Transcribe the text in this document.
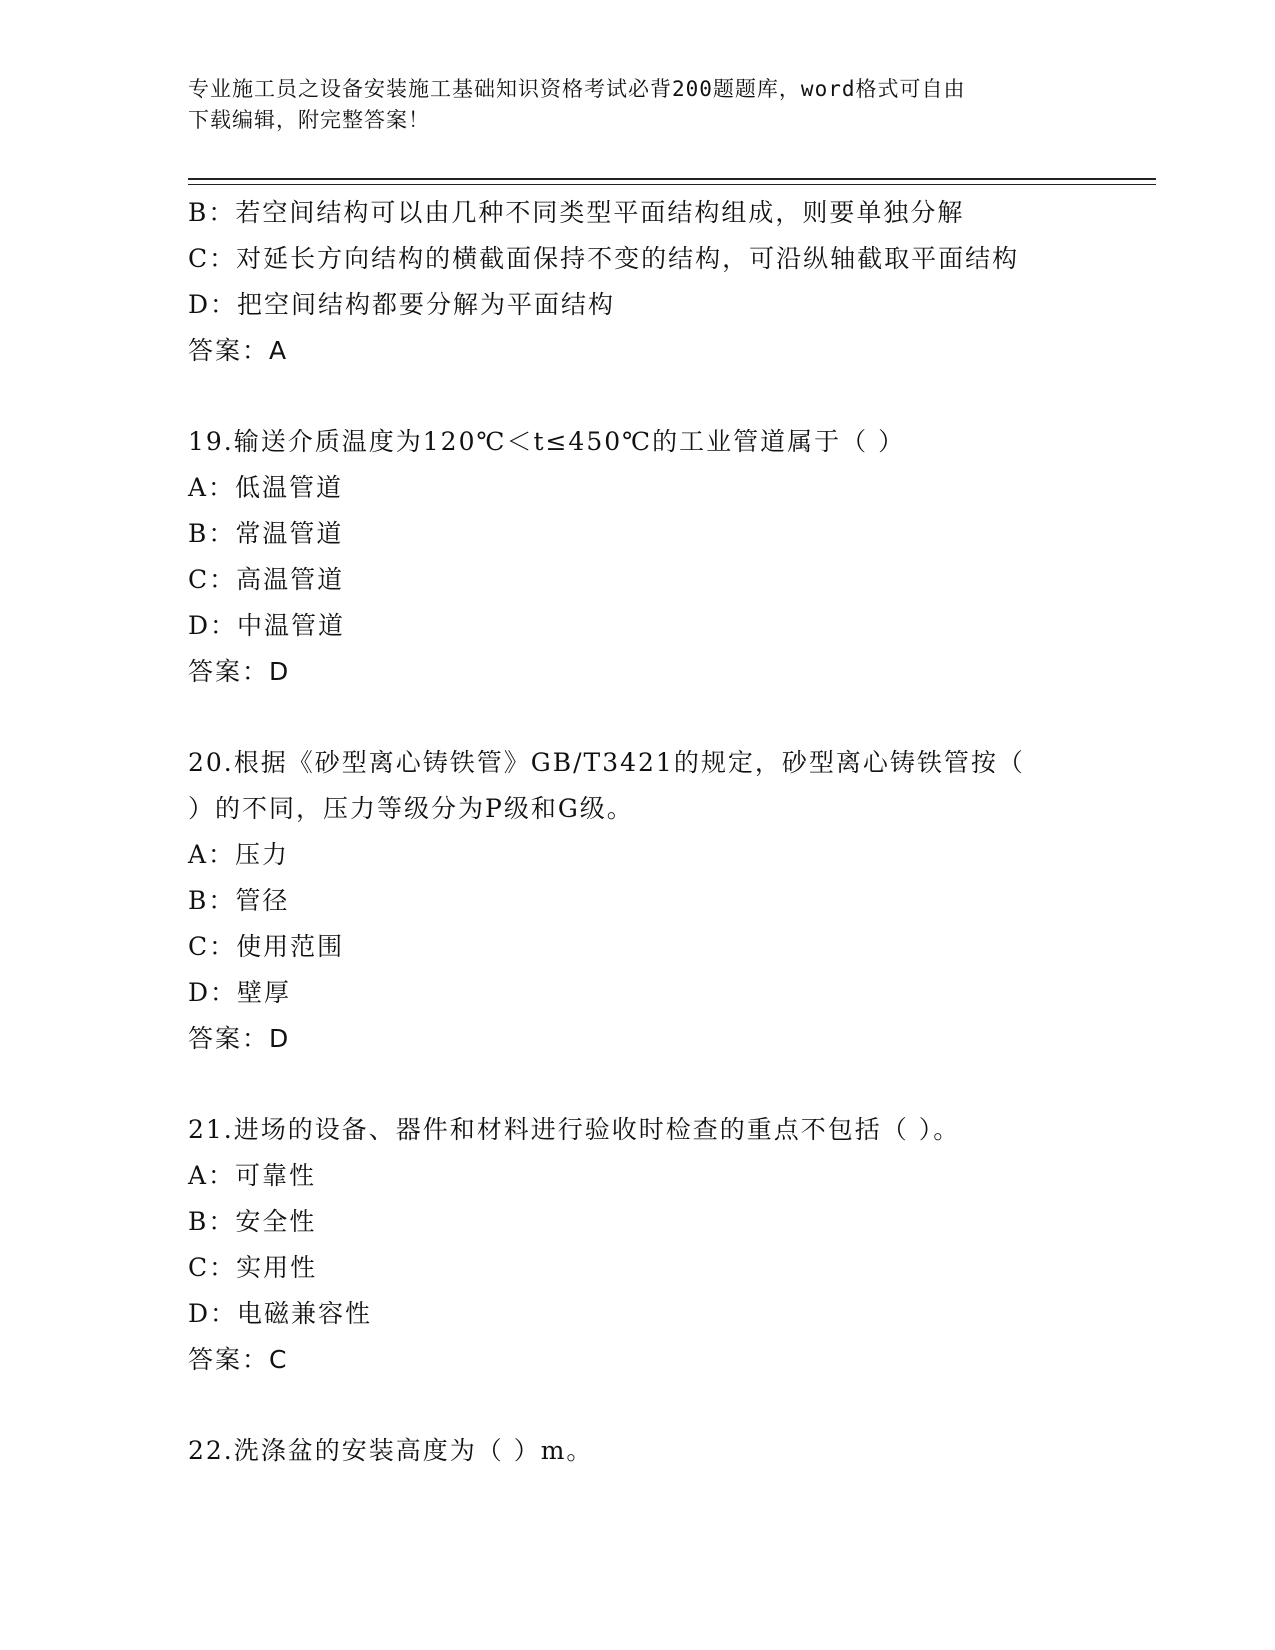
专业施工员之设备安装施工基础知识资格考试必背200题题库，word格式可自由
下载编辑，附完整答案！
B：若空间结构可以由几种不同类型平面结构组成，则要单独分解
C：对延长方向结构的横截面保持不变的结构，可沿纵轴截取平面结构
D：把空间结构都要分解为平面结构
答案：A
19.输送介质温度为120℃＜t≤450℃的工业管道属于（ ）
A：低温管道
B：常温管道
C：高温管道
D：中温管道
答案：D
20.根据《砂型离心铸铁管》GB/T3421的规定，砂型离心铸铁管按（
）的不同，压力等级分为P级和G级。
A：压力
B：管径
C：使用范围
D：壁厚
答案：D
21.进场的设备、器件和材料进行验收时检查的重点不包括（ ）。
A：可靠性
B：安全性
C：实用性
D：电磁兼容性
答案：C
22.洗涤盆的安装高度为（ ）m。
